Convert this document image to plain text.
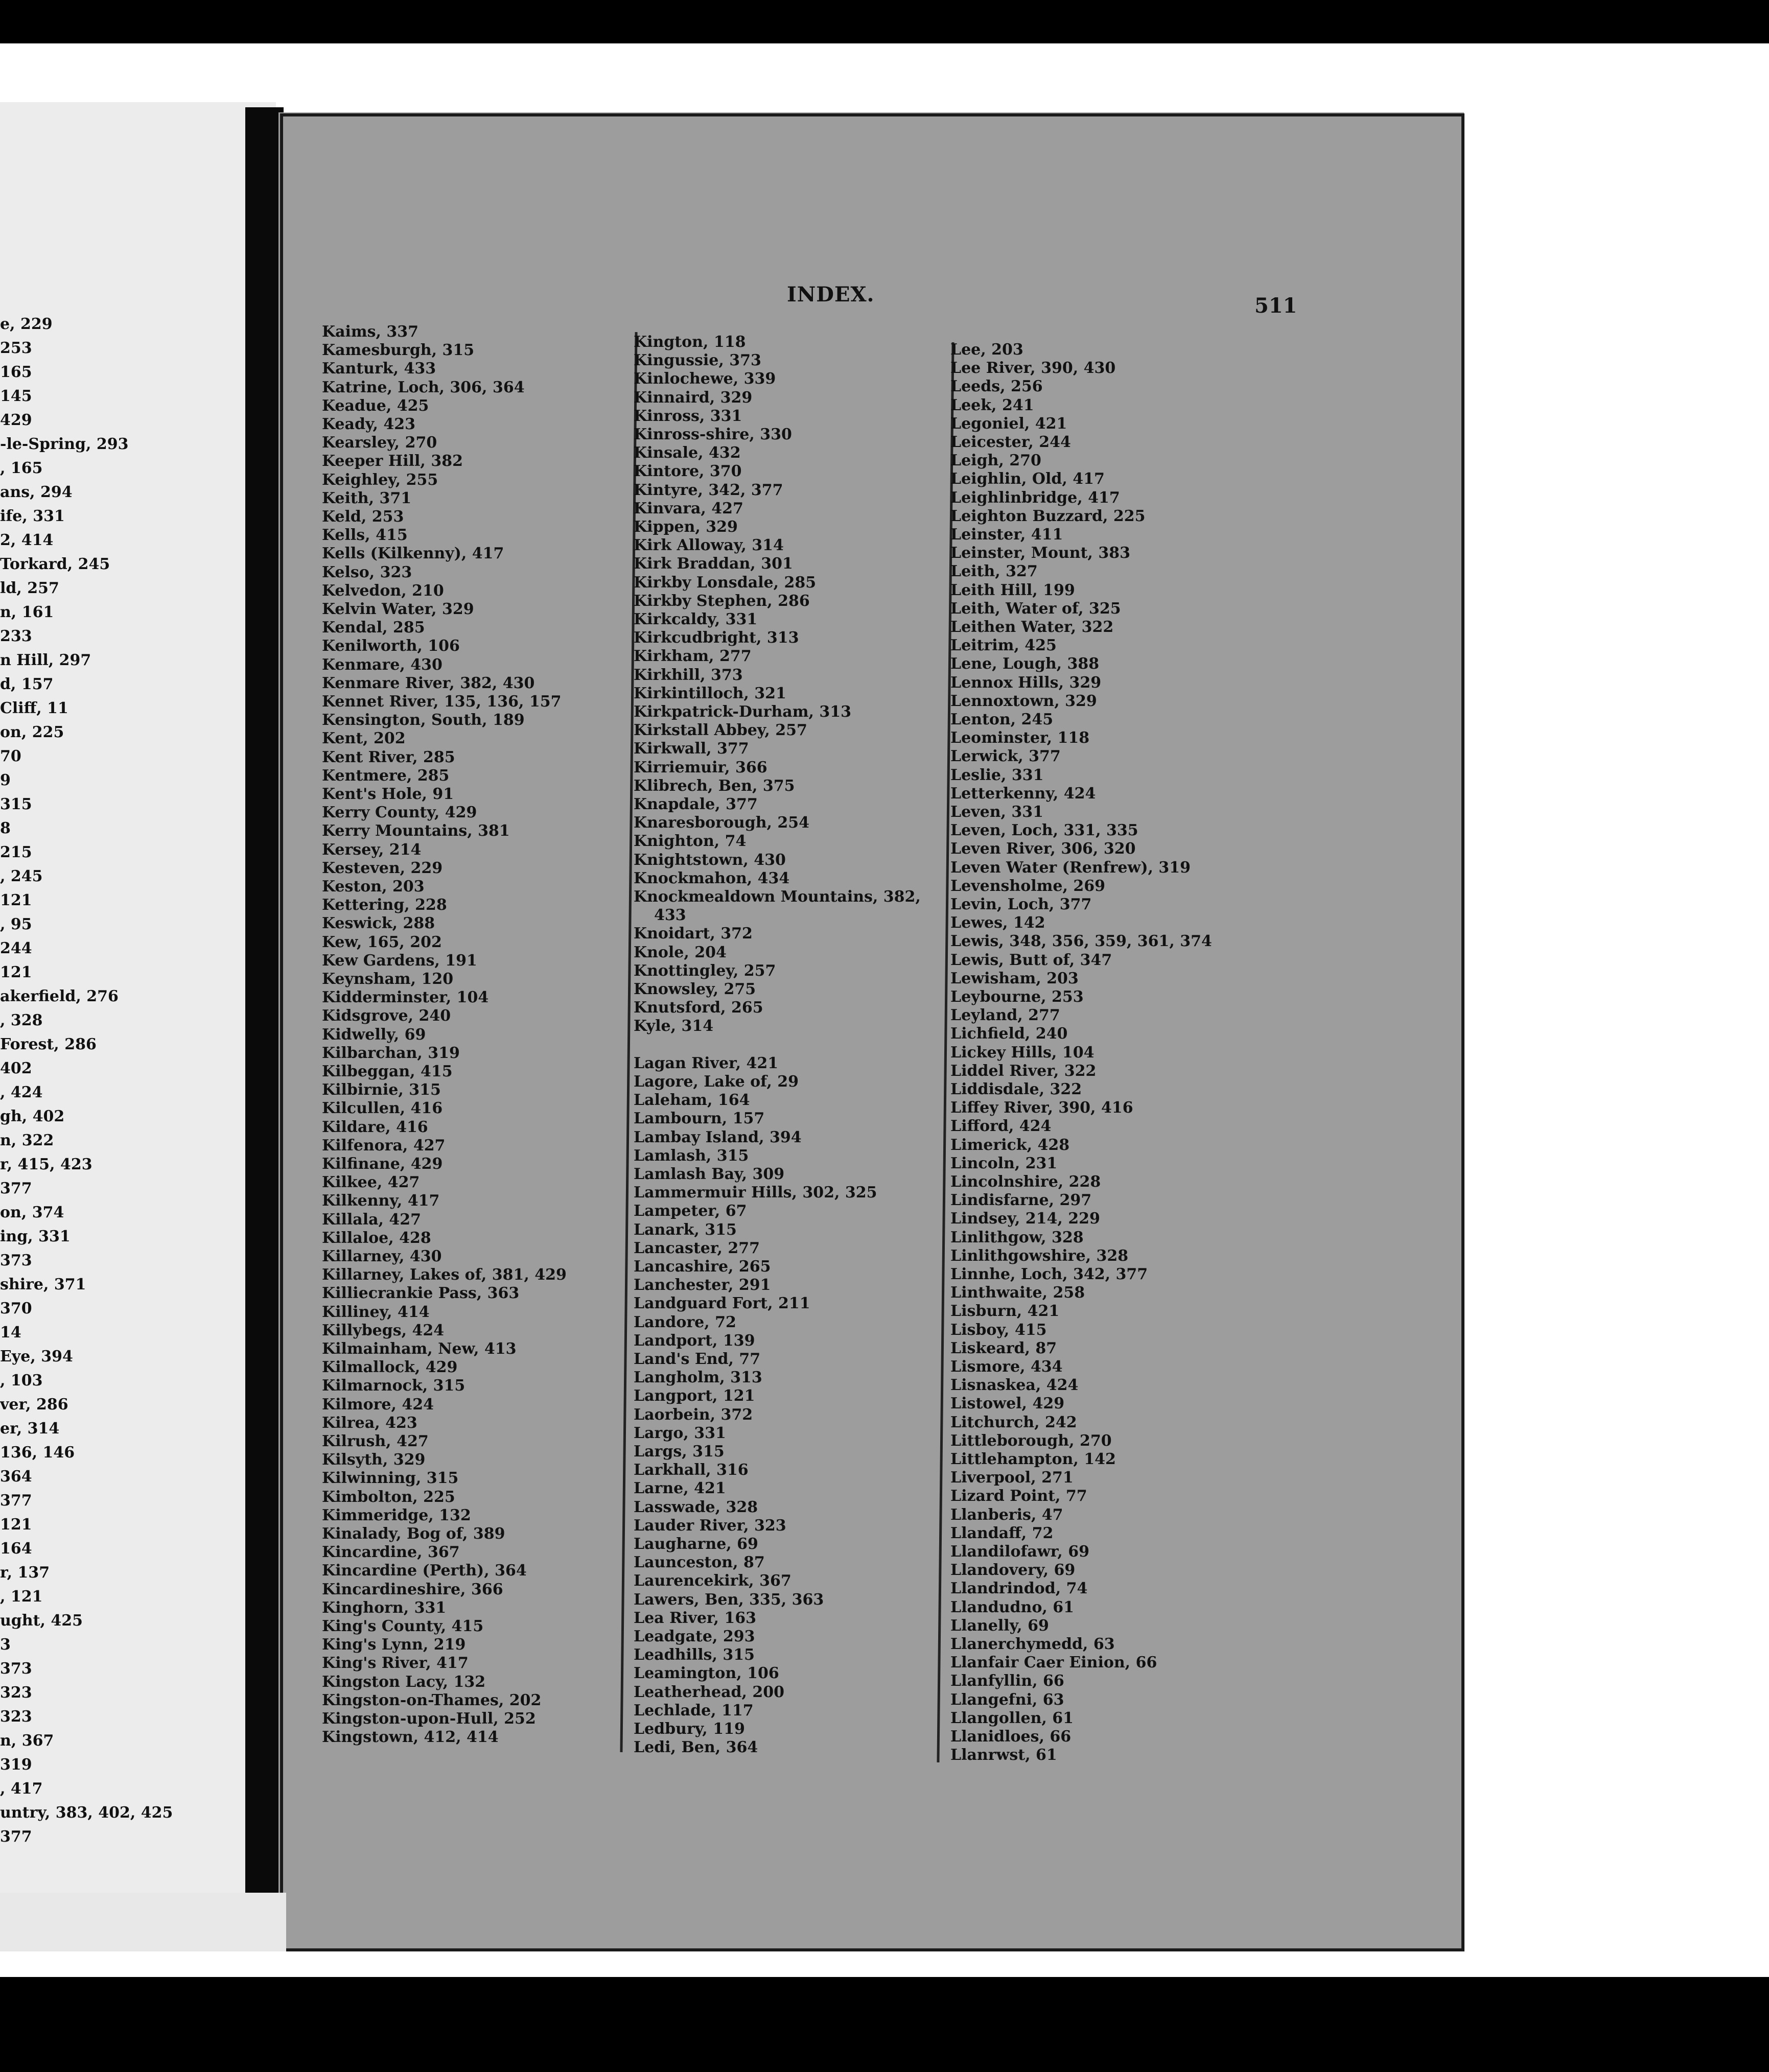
e, 229
253
165
145
429
-le-Spring, 293
, 165
ans, 294
ife, 331
2, 414
Torkard, 245
ld, 257
n, 161
233
n Hill, 297
d, 157
Cliff, 11
on, 225
70
9
315
8
215
, 245
121
, 95
244
121
akerfield, 276
, 328
Forest, 286
402
, 424
gh, 402
n, 322
r, 415, 423
377
on, 374
ing, 331
373
shire, 371
370
14
Eye, 394
, 103
ver, 286
er, 314
136, 146
364
377
121
164
r, 137
, 121
ught, 425
3
373
323
323
n, 367
319
, 417
untry, 383, 402, 425
377
INDEX.	511
Kaims, 337
Kamesburgh, 315
Kanturk, 433
Katrine, Loch, 306, 364
Keadue, 425
Keady, 423
Kearsley, 270
Keeper Hill, 382
Keighley, 255
Keith, 371
Keld, 253
Kells, 415
Kells (Kilkenny), 417
Kelso, 323
Kelvedon, 210
Kelvin Water, 329
Kendal, 285
Kenilworth, 106
Kenmare, 430
Kenmare River, 382, 430
Kennet River, 135, 136, 157
Kensington, South, 189
Kent, 202
Kent River, 285
Kentmere, 285
Kent's Hole, 91
Kerry County, 429
Kerry Mountains, 381
Kersey, 214
Kesteven, 229
Keston, 203
Kettering, 228
Keswick, 288
Kew, 165, 202
Kew Gardens, 191
Keynsham, 120
Kidderminster, 104
Kidsgrove, 240
Kidwelly, 69
Kilbarchan, 319
Kilbeggan, 415
Kilbirnie, 315
Kilcullen, 416
Kildare, 416
Kilfenora, 427
Kilfinane, 429
Kilkee, 427
Kilkenny, 417
Killala, 427
Killaloe, 428
Killarney, 430
Killarney, Lakes of, 381, 429
Killiecrankie Pass, 363
Killiney, 414
Killybegs, 424
Kilmainham, New, 413
Kilmallock, 429
Kilmarnock, 315
Kilmore, 424
Kilrea, 423
Kilrush, 427
Kilsyth, 329
Kilwinning, 315
Kimbolton, 225
Kimmeridge, 132
Kinalady, Bog of, 389
Kincardine, 367
Kincardine (Perth), 364
Kincardineshire, 366
Kinghorn, 331
King's County, 415
King's Lynn, 219
King's River, 417
Kingston Lacy, 132
Kingston-on-Thames, 202
Kingston-upon-Hull, 252
Kingstown, 412, 414
Kington, 118
Kingussie, 373
Kinlochewe, 339
Kinnaird, 329
Kinross, 331
Kinross-shire, 330
Kinsale, 432
Kintore, 370
Kintyre, 342, 377
Kinvara, 427
Kippen, 329
Kirk Alloway, 314
Kirk Braddan, 301
Kirkby Lonsdale, 285
Kirkby Stephen, 286
Kirkcaldy, 331
Kirkcudbright, 313
Kirkham, 277
Kirkhill, 373
Kirkintilloch, 321
Kirkpatrick-Durham, 313
Kirkstall Abbey, 257
Kirkwall, 377
Kirriemuir, 366
Klibrech, Ben, 375
Knapdale, 377
Knaresborough, 254
Knighton, 74
Knightstown, 430
Knockmahon, 434
Knockmealdown Mountains, 382,
433
Knoidart, 372
Knole, 204
Knottingley, 257
Knowsley, 275
Knutsford, 265
Kyle, 314
Lagan River, 421
Lagore, Lake of, 29
Laleham, 164
Lambourn, 157
Lambay Island, 394
Lamlash, 315
Lamlash Bay, 309
Lammermuir Hills, 302, 325
Lampeter, 67
Lanark, 315
Lancaster, 277
Lancashire, 265
Lanchester, 291
Landguard Fort, 211
Landore, 72
Landport, 139
Land's End, 77
Langholm, 313
Langport, 121
Laorbein, 372
Largo, 331
Largs, 315
Larkhall, 316
Larne, 421
Lasswade, 328
Lauder River, 323
Laugharne, 69
Launceston, 87
Laurencekirk, 367
Lawers, Ben, 335, 363
Lea River, 163
Leadgate, 293
Leadhills, 315
Leamington, 106
Leatherhead, 200
Lechlade, 117
Ledbury, 119
Ledi, Ben, 364
Lee, 203
Lee River, 390, 430
Leeds, 256
Leek, 241
Legoniel, 421
Leicester, 244
Leigh, 270
Leighlin, Old, 417
Leighlinbridge, 417
Leighton Buzzard, 225
Leinster, 411
Leinster, Mount, 383
Leith, 327
Leith Hill, 199
Leith, Water of, 325
Leithen Water, 322
Leitrim, 425
Lene, Lough, 388
Lennox Hills, 329
Lennoxtown, 329
Lenton, 245
Leominster, 118
Lerwick, 377
Leslie, 331
Letterkenny, 424
Leven, 331
Leven, Loch, 331, 335
Leven River, 306, 320
Leven Water (Renfrew), 319
Levensholme, 269
Levin, Loch, 377
Lewes, 142
Lewis, 348, 356, 359, 361, 374
Lewis, Butt of, 347
Lewisham, 203
Leybourne, 253
Leyland, 277
Lichfield, 240
Lickey Hills, 104
Liddel River, 322
Liddisdale, 322
Liffey River, 390, 416
Lifford, 424
Limerick, 428
Lincoln, 231
Lincolnshire, 228
Lindisfarne, 297
Lindsey, 214, 229
Linlithgow, 328
Linlithgowshire, 328
Linnhe, Loch, 342, 377
Linthwaite, 258
Lisburn, 421
Lisboy, 415
Liskeard, 87
Lismore, 434
Lisnaskea, 424
Listowel, 429
Litchurch, 242
Littleborough, 270
Littlehampton, 142
Liverpool, 271
Lizard Point, 77
Llanberis, 47
Llandaff, 72
Llandilofawr, 69
Llandovery, 69
Llandrindod, 74
Llandudno, 61
Llanelly, 69
Llanerchymedd, 63
Llanfair Caer Einion, 66
Llanfyllin, 66
Llangefni, 63
Llangollen, 61
Llanidloes, 66
Llanrwst, 61
